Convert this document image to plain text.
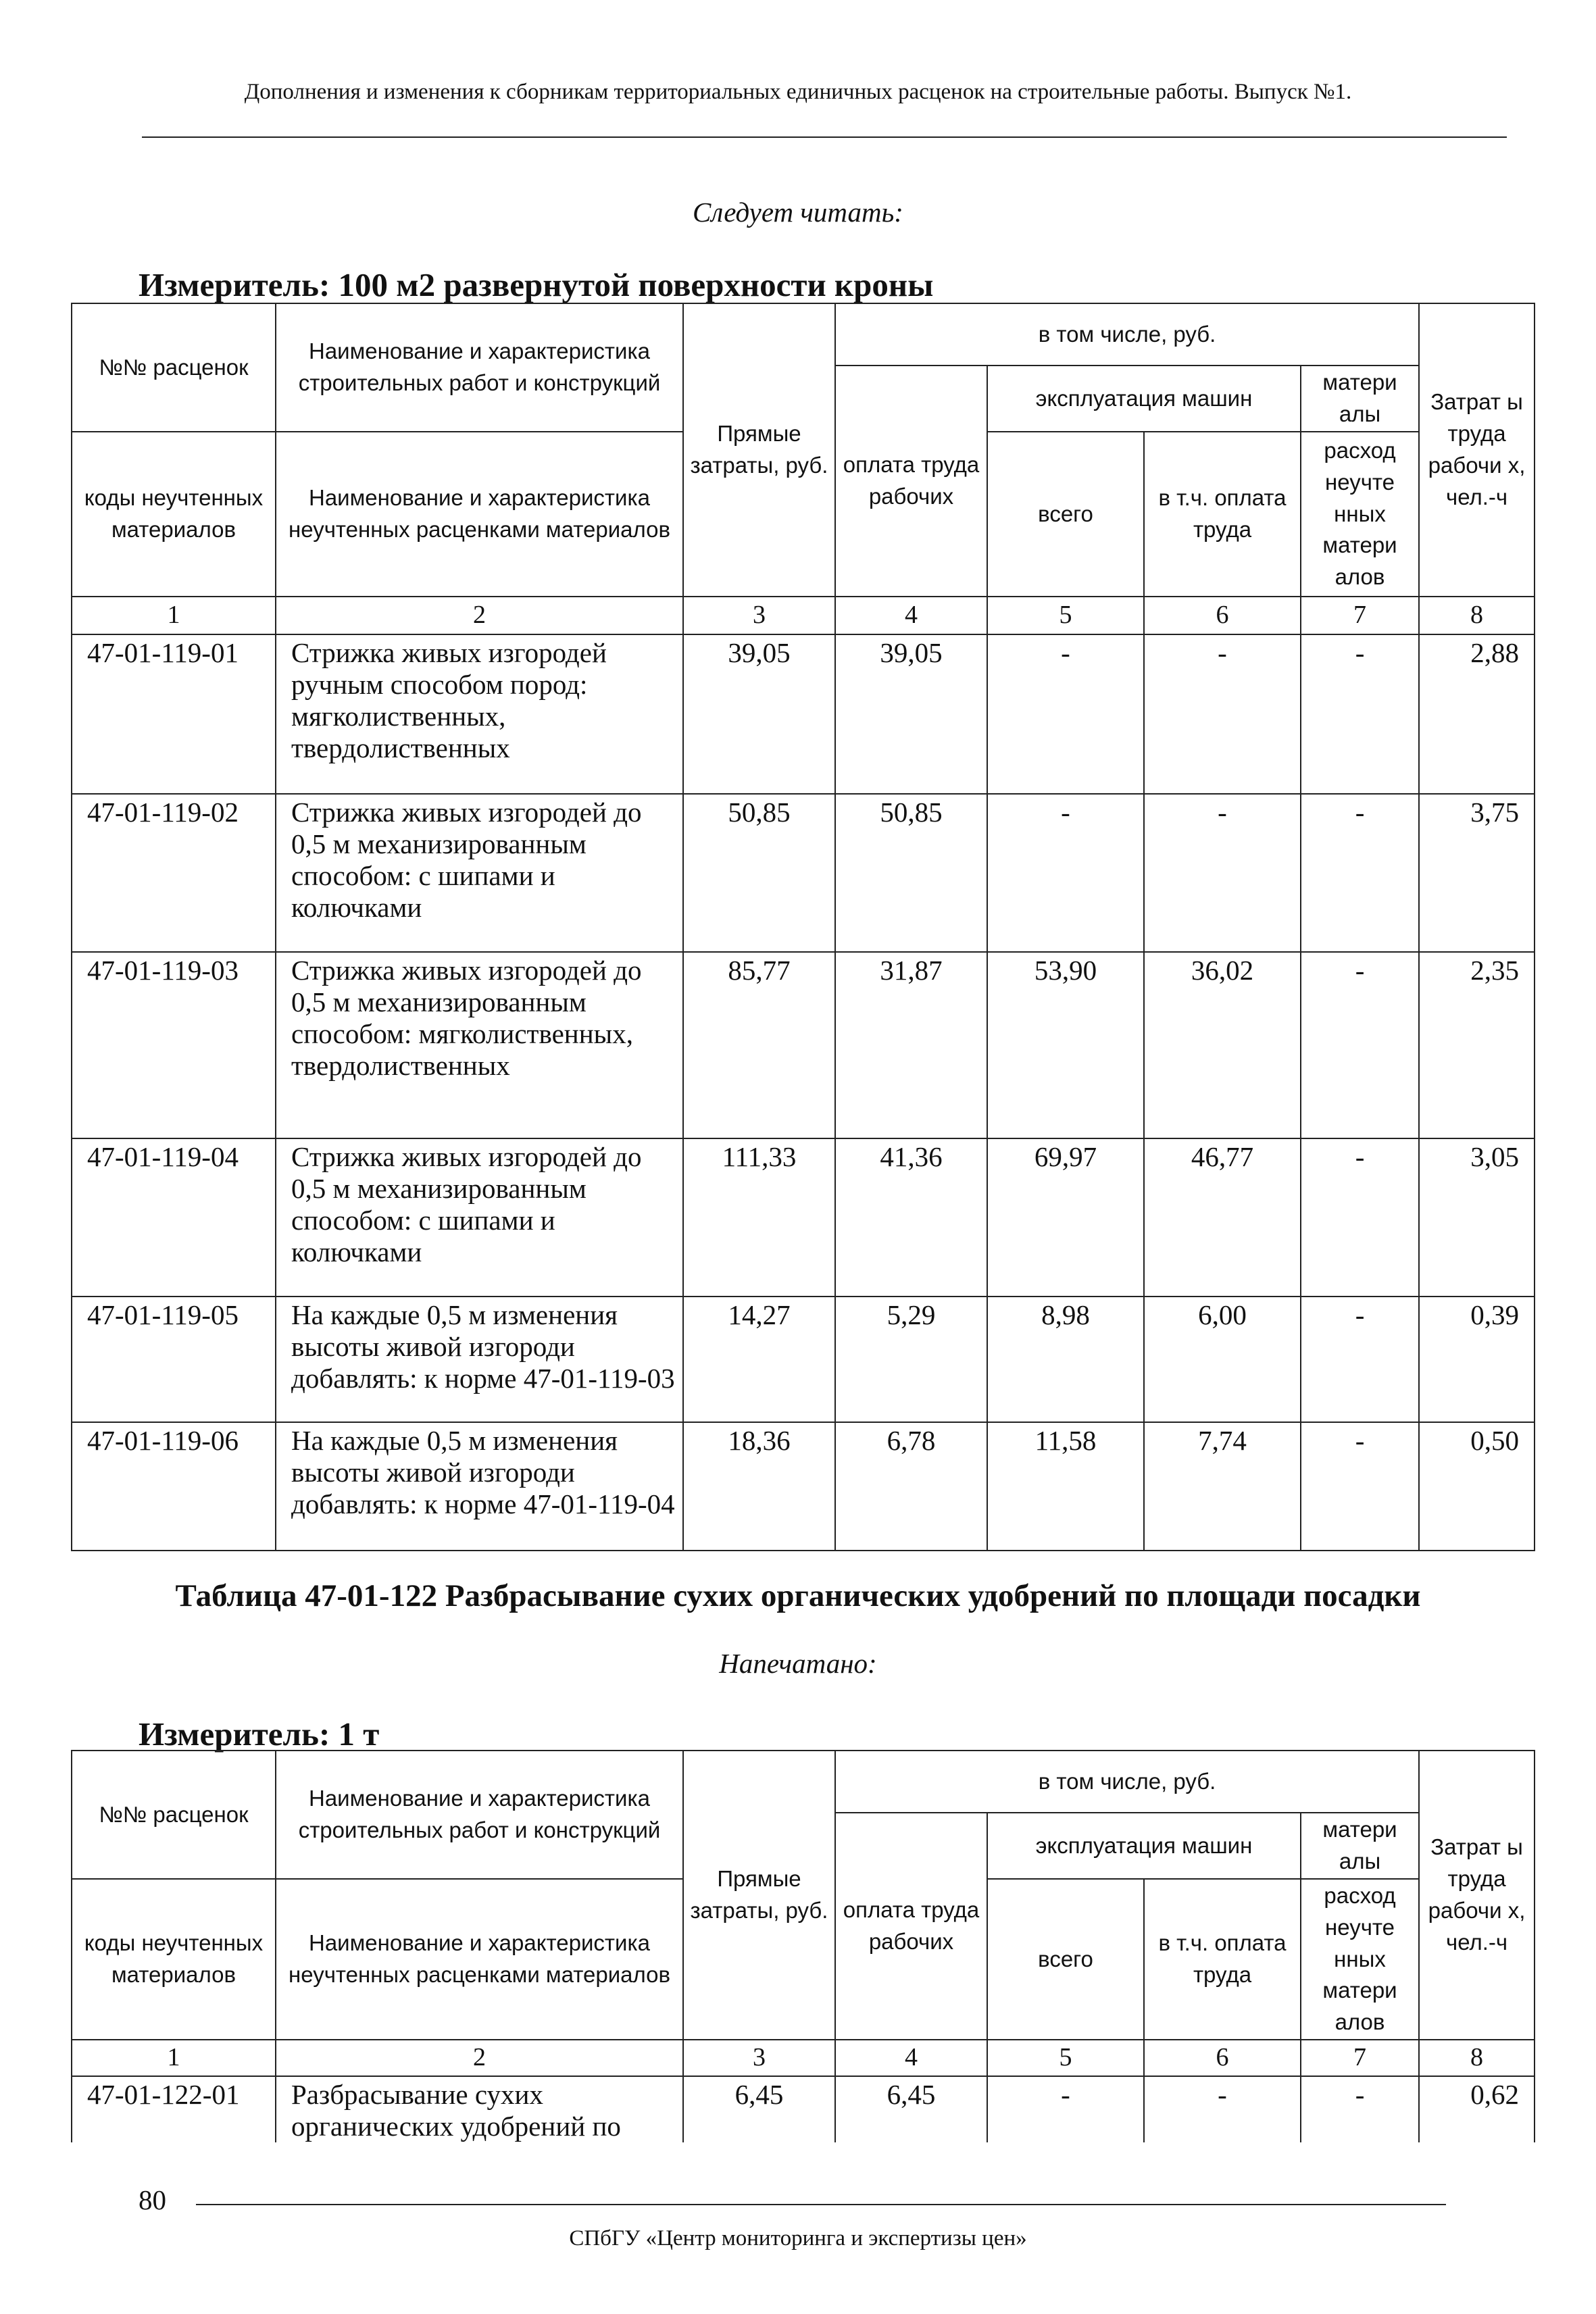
Дополнения и изменения к сборникам территориальных единичных расценок на строительные работы. Выпуск №1.
Следует читать:
Измеритель: 100 м2 развернутой поверхности кроны
№№ расценок	Наименование и характеристика строительных работ и конструкций	Прямые затраты, руб.	в том числе, руб.				Затрат ы труда рабочи х, чел.-ч
			оплата труда рабочих	эксплуатация машин		матери алы	
коды неучтенных материалов	Наименование и характеристика неучтенных расценками материалов			всего	в т.ч. оплата труда	расход неучте нных матери алов	

1	2	3	4	5	6	7	8
47-01-119-01	Стрижка живых изгородей ручным способом пород: мягколиственных, твердолиственных	39,05	39,05	-	-	-	2,88
47-01-119-02	Стрижка живых изгородей до 0,5 м механизированным способом: с шипами и колючками	50,85	50,85	-	-	-	3,75
47-01-119-03	Стрижка живых изгородей до 0,5 м механизированным способом: мягколиственных, твердолиственных	85,77	31,87	53,90	36,02	-	2,35
47-01-119-04	Стрижка живых изгородей до 0,5 м механизированным способом: с шипами и колючками	111,33	41,36	69,97	46,77	-	3,05
47-01-119-05	На каждые 0,5 м изменения высоты живой изгороди добавлять: к норме 47-01-119-03	14,27	5,29	8,98	6,00	-	0,39
47-01-119-06	На каждые 0,5 м изменения высоты живой изгороди добавлять: к норме 47-01-119-04	18,36	6,78	11,58	7,74	-	0,50
Таблица 47-01-122 Разбрасывание сухих органических удобрений по площади посадки
Напечатано:
Измеритель: 1 т
№№ расценок	Наименование и характеристика строительных работ и конструкций	Прямые затраты, руб.	в том числе, руб.				Затрат ы труда рабочи х, чел.-ч
			оплата труда рабочих	эксплуатация машин		матери алы	
коды неучтенных материалов	Наименование и характеристика неучтенных расценками материалов			всего	в т.ч. оплата труда	расход неучте нных матери алов	

1	2	3	4	5	6	7	8
47-01-122-01	Разбрасывание сухих органических удобрений по	6,45	6,45	-	-	-	0,62
80
СПбГУ «Центр мониторинга и экспертизы цен»
